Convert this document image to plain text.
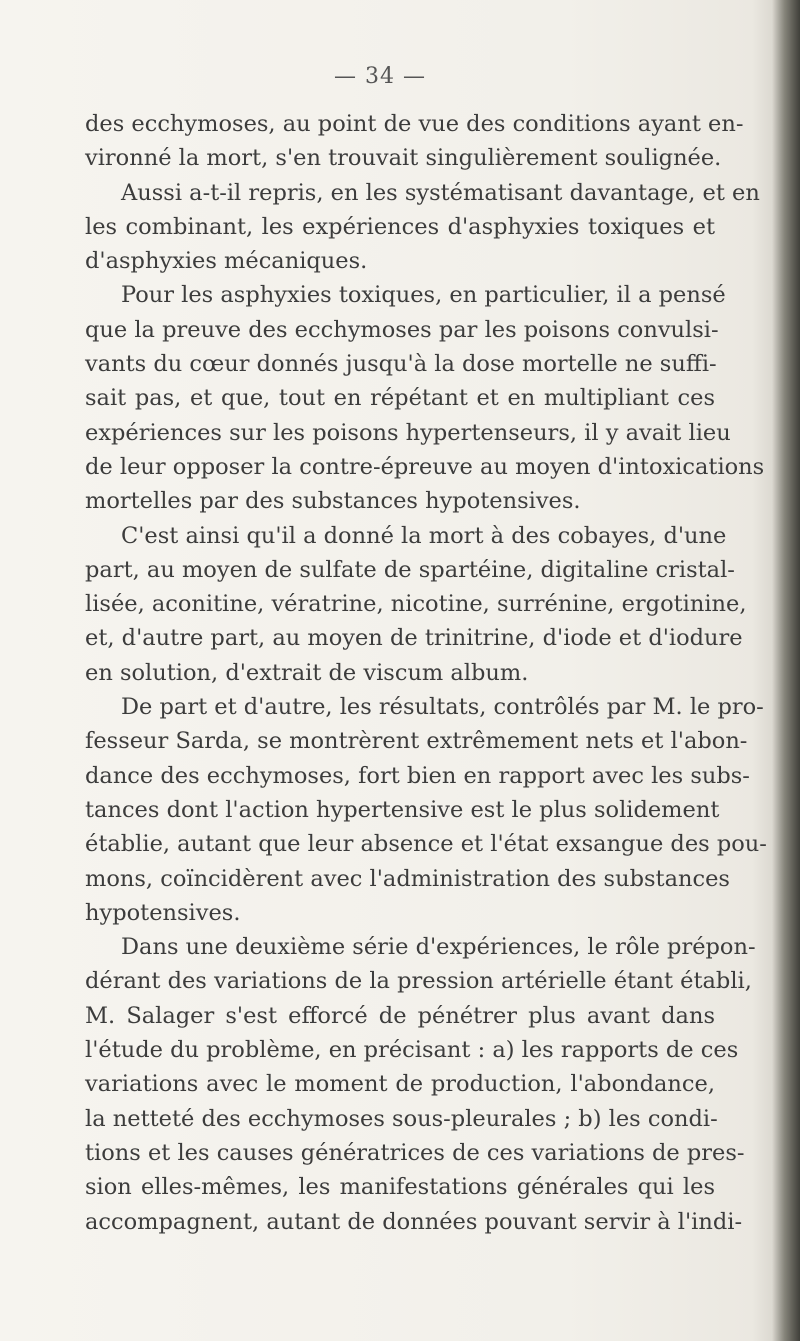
— 34 —
des ecchymoses, au point de vue des conditions ayant en-
vironné la mort, s'en trouvait singulièrement soulignée.
Aussi a-t-il repris, en les systématisant davantage, et en
les combinant, les expériences d'asphyxies toxiques et
d'asphyxies mécaniques.
Pour les asphyxies toxiques, en particulier, il a pensé
que la preuve des ecchymoses par les poisons convulsi-
vants du cœur donnés jusqu'à la dose mortelle ne suffi-
sait pas, et que, tout en répétant et en multipliant ces
expériences sur les poisons hypertenseurs, il y avait lieu
de leur opposer la contre-épreuve au moyen d'intoxications
mortelles par des substances hypotensives.
C'est ainsi qu'il a donné la mort à des cobayes, d'une
part, au moyen de sulfate de spartéine, digitaline cristal-
lisée, aconitine, vératrine, nicotine, surrénine, ergotinine,
et, d'autre part, au moyen de trinitrine, d'iode et d'iodure
en solution, d'extrait de viscum album.
De part et d'autre, les résultats, contrôlés par M. le pro-
fesseur Sarda, se montrèrent extrêmement nets et l'abon-
dance des ecchymoses, fort bien en rapport avec les subs-
tances dont l'action hypertensive est le plus solidement
établie, autant que leur absence et l'état exsangue des pou-
mons, coïncidèrent avec l'administration des substances
hypotensives.
Dans une deuxième série d'expériences, le rôle prépon-
dérant des variations de la pression artérielle étant établi,
M. Salager s'est efforcé de pénétrer plus avant dans
l'étude du problème, en précisant : a) les rapports de ces
variations avec le moment de production, l'abondance,
la netteté des ecchymoses sous-pleurales ; b) les condi-
tions et les causes génératrices de ces variations de pres-
sion elles-mêmes, les manifestations générales qui les
accompagnent, autant de données pouvant servir à l'indi-
